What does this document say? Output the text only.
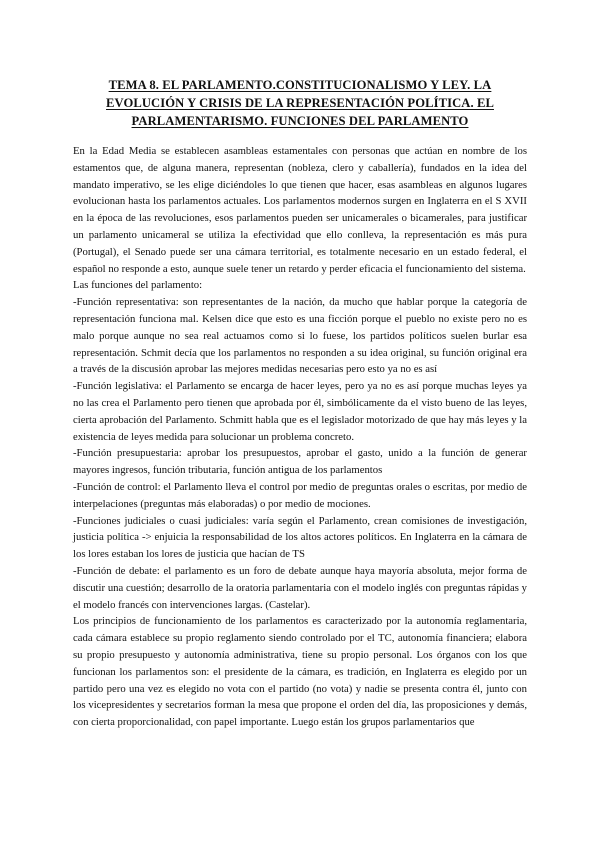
TEMA 8. EL PARLAMENTO.CONSTITUCIONALISMO Y LEY. LA EVOLUCIÓN Y CRISIS DE LA REPRESENTACIÓN POLÍTICA. EL PARLAMENTARISMO. FUNCIONES DEL PARLAMENTO

En la Edad Media se establecen asambleas estamentales con personas que actúan en nombre de los estamentos que, de alguna manera, representan (nobleza, clero y caballería), fundados en la idea del mandato imperativo, se les elige diciéndoles lo que tienen que hacer, esas asambleas en algunos lugares evolucionan hasta los parlamentos actuales. Los parlamentos modernos surgen en Inglaterra en el S XVII en la época de las revoluciones, esos parlamentos pueden ser unicamerales o bicamerales, para justificar un parlamento unicameral se utiliza la efectividad que ello conlleva, la representación es más pura (Portugal), el Senado puede ser una cámara territorial, es totalmente necesario en un estado federal, el español no responde a esto, aunque suele tener un retardo y perder eficacia el funcionamiento del sistema.

Las funciones del parlamento:

-Función representativa: son representantes de la nación, da mucho que hablar porque la categoría de representación funciona mal. Kelsen dice que esto es una ficción porque el pueblo no existe pero no es malo porque aunque no sea real actuamos como si lo fuese, los partidos políticos suelen burlar esa representación. Schmit decía que los parlamentos no responden a su idea original, su función original era a través de la discusión aprobar las mejores medidas necesarias pero esto ya no es así

-Función legislativa: el Parlamento se encarga de hacer leyes, pero ya no es así porque muchas leyes ya no las crea el Parlamento pero tienen que aprobada por él, simbólicamente da el visto bueno de las leyes, cierta aprobación del Parlamento. Schmitt habla que es el legislador motorizado de que hay más leyes y la existencia de leyes medida para solucionar un problema concreto.

-Función presupuestaria: aprobar los presupuestos, aprobar el gasto, unido a la función de generar mayores ingresos, función tributaria, función antigua de los parlamentos

-Función de control: el Parlamento lleva el control por medio de preguntas orales o escritas, por medio de interpelaciones (preguntas más elaboradas) o por medio de mociones.

-Funciones judiciales o cuasi judiciales: varía según el Parlamento, crean comisiones de investigación, justicia política -> enjuicia la responsabilidad de los altos actores políticos. En Inglaterra en la cámara de los lores estaban los lores de justicia que hacían de TS

-Función de debate: el parlamento es un foro de debate aunque haya mayoría absoluta, mejor forma de discutir una cuestión; desarrollo de la oratoria parlamentaria con el modelo inglés con preguntas rápidas y el modelo francés con intervenciones largas. (Castelar).

Los principios de funcionamiento de los parlamentos es caracterizado por la autonomía reglamentaria, cada cámara establece su propio reglamento siendo controlado por el TC, autonomía financiera; elabora su propio presupuesto y autonomía administrativa, tiene su propio personal. Los órganos con los que funcionan los parlamentos son: el presidente de la cámara, es tradición, en Inglaterra es elegido por un partido pero una vez es elegido no vota con el partido (no vota) y nadie se presenta contra él, junto con los vicepresidentes y secretarios forman la mesa que propone el orden del día, las proposiciones y demás, con cierta proporcionalidad, con papel importante. Luego están los grupos parlamentarios que
